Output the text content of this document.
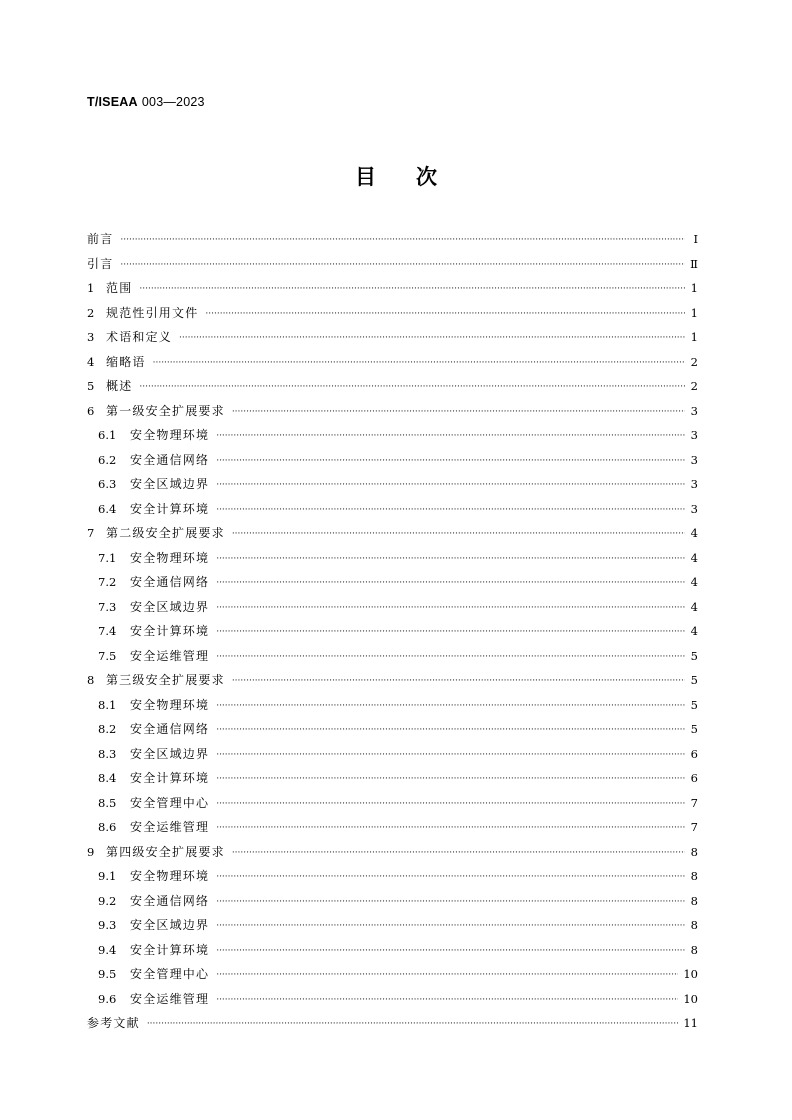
T/ISEAA 003—2023
目 次
前言 ·····	Ⅰ
引言 ·····	Ⅱ
1 范围 ·····	1
2 规范性引用文件 ·····	1
3 术语和定义 ·····	1
4 缩略语 ·····	2
5 概述 ·····	2
6 第一级安全扩展要求 ·····	3
6.1	安全物理环境 ·····	3
6.2	安全通信网络 ·····	3
6.3	安全区域边界 ·····	3
6.4	安全计算环境 ·····	3
7 第二级安全扩展要求 ·····	4
7.1	安全物理环境 ·····	4
7.2	安全通信网络 ·····	4
7.3	安全区域边界 ·····	4
7.4	安全计算环境 ·····	4
7.5	安全运维管理 ·····	5
8 第三级安全扩展要求 ·····	5
8.1	安全物理环境 ·····	5
8.2	安全通信网络 ·····	5
8.3	安全区域边界 ·····	6
8.4	安全计算环境 ·····	6
8.5	安全管理中心 ·····	7
8.6	安全运维管理 ·····	7
9 第四级安全扩展要求 ·····	8
9.1	安全物理环境 ·····	8
9.2	安全通信网络 ·····	8
9.3	安全区域边界 ·····	8
9.4	安全计算环境 ·····	8
9.5	安全管理中心 ·····	10
9.6	安全运维管理 ·····	10
参考文献 ·····	11
